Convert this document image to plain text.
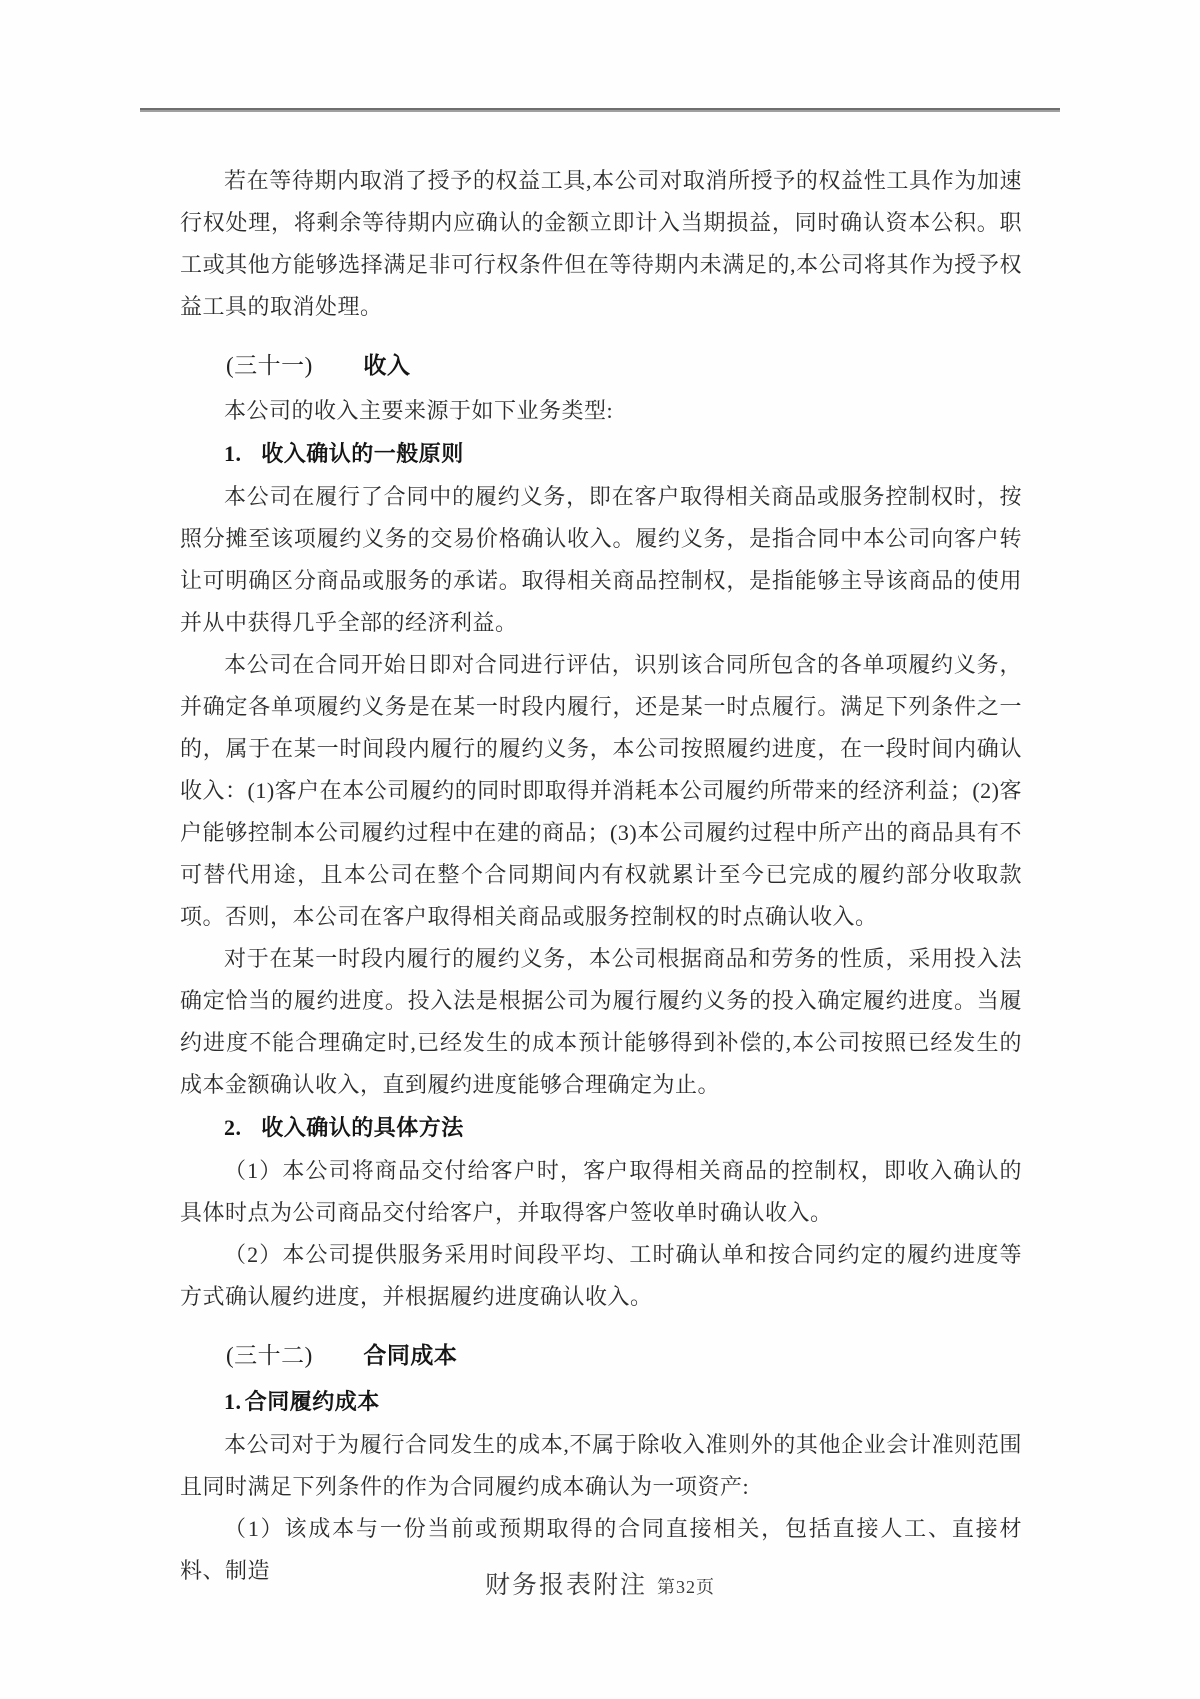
若在等待期内取消了授予的权益工具,本公司对取消所授予的权益性工具作为加速行权处理，将剩余等待期内应确认的金额立即计入当期损益，同时确认资本公积。职工或其他方能够选择满足非可行权条件但在等待期内未满足的,本公司将其作为授予权益工具的取消处理。

(三十一) 收入

本公司的收入主要来源于如下业务类型:

1. 收入确认的一般原则

本公司在履行了合同中的履约义务，即在客户取得相关商品或服务控制权时，按照分摊至该项履约义务的交易价格确认收入。履约义务，是指合同中本公司向客户转让可明确区分商品或服务的承诺。取得相关商品控制权，是指能够主导该商品的使用并从中获得几乎全部的经济利益。

本公司在合同开始日即对合同进行评估，识别该合同所包含的各单项履约义务，并确定各单项履约义务是在某一时段内履行，还是某一时点履行。满足下列条件之一的，属于在某一时间段内履行的履约义务，本公司按照履约进度，在一段时间内确认收入：(1)客户在本公司履约的同时即取得并消耗本公司履约所带来的经济利益；(2)客户能够控制本公司履约过程中在建的商品；(3)本公司履约过程中所产出的商品具有不可替代用途，且本公司在整个合同期间内有权就累计至今已完成的履约部分收取款项。否则，本公司在客户取得相关商品或服务控制权的时点确认收入。

对于在某一时段内履行的履约义务，本公司根据商品和劳务的性质，采用投入法确定恰当的履约进度。投入法是根据公司为履行履约义务的投入确定履约进度。当履约进度不能合理确定时,已经发生的成本预计能够得到补偿的,本公司按照已经发生的成本金额确认收入，直到履约进度能够合理确定为止。

2. 收入确认的具体方法

（1）本公司将商品交付给客户时，客户取得相关商品的控制权，即收入确认的具体时点为公司商品交付给客户，并取得客户签收单时确认收入。

（2）本公司提供服务采用时间段平均、工时确认单和按合同约定的履约进度等方式确认履约进度，并根据履约进度确认收入。

(三十二) 合同成本
1. 合同履约成本

本公司对于为履行合同发生的成本,不属于除收入准则外的其他企业会计准则范围且同时满足下列条件的作为合同履约成本确认为一项资产:

（1）该成本与一份当前或预期取得的合同直接相关，包括直接人工、直接材料、制造

财务报表附注 第32页
